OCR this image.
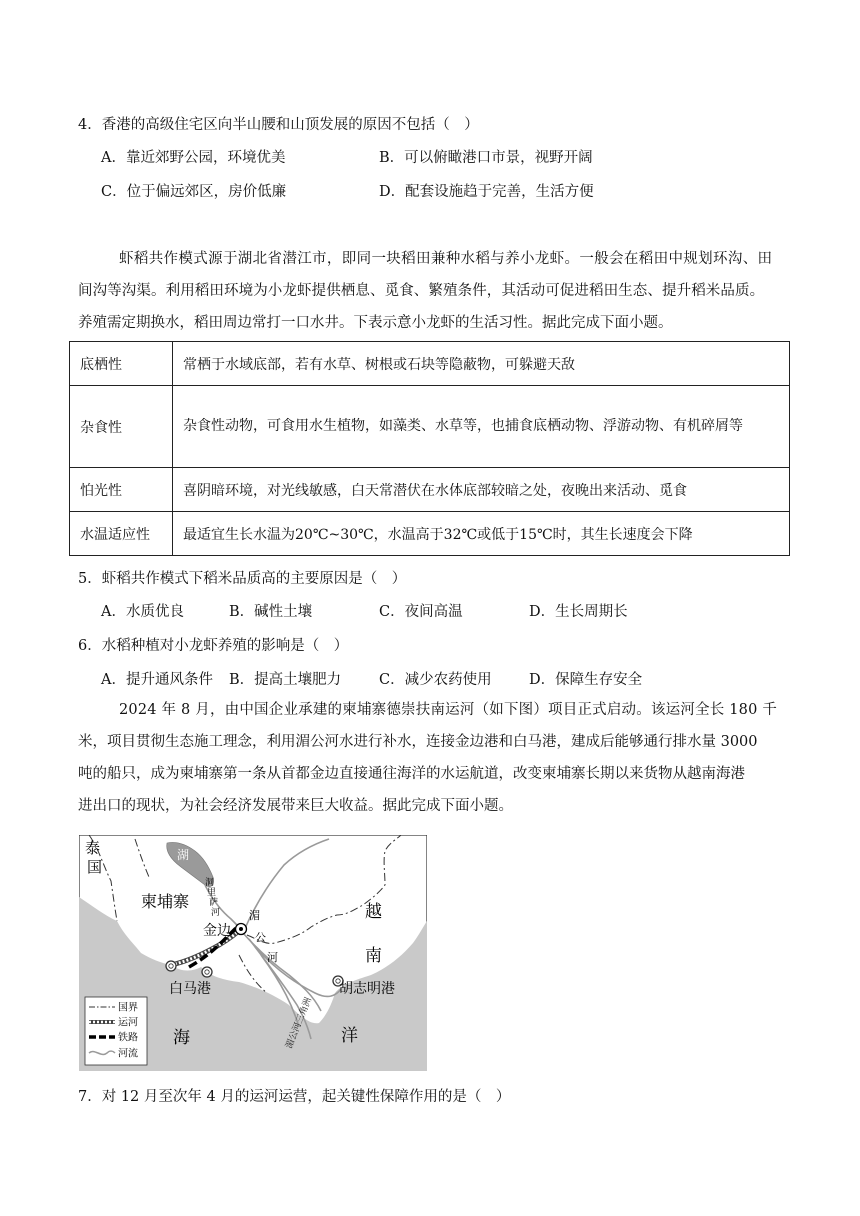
4．香港的高级住宅区向半山腰和山顶发展的原因不包括（　）
A．靠近郊野公园，环境优美	B．可以俯瞰港口市景，视野开阔
C．位于偏远郊区，房价低廉	D．配套设施趋于完善，生活方便
虾稻共作模式源于湖北省潜江市，即同一块稻田兼种水稻与养小龙虾。一般会在稻田中规划环沟、田
间沟等沟渠。利用稻田环境为小龙虾提供栖息、觅食、繁殖条件，其活动可促进稻田生态、提升稻米品质。
养殖需定期换水，稻田周边常打一口水井。下表示意小龙虾的生活习性。据此完成下面小题。
底栖性	常栖于水域底部，若有水草、树根或石块等隐蔽物，可躲避天敌
杂食性	杂食性动物，可食用水生植物，如藻类、水草等，也捕食底栖动物、浮游动物、有机碎屑等
怕光性	喜阴暗环境，对光线敏感，白天常潜伏在水体底部较暗之处，夜晚出来活动、觅食
水温适应性	最适宜生长水温为20℃~30℃，水温高于32℃或低于15℃时，其生长速度会下降
5．虾稻共作模式下稻米品质高的主要原因是（　）
A．水质优良	B．碱性土壤	C．夜间高温	D．生长周期长
6．水稻种植对小龙虾养殖的影响是（　）
A．提升通风条件 B．提高土壤肥力	C．减少农药使用	D．保障生存安全
2024 年 8 月，由中国企业承建的柬埔寨德崇扶南运河（如下图）项目正式启动。该运河全长 180 千
米，项目贯彻生态施工理念，利用湄公河水进行补水，连接金边港和白马港，建成后能够通行排水量 3000
吨的船只，成为柬埔寨第一条从首都金边直接通往海洋的水运航道，改变柬埔寨长期以来货物从越南海港
进出口的现状，为社会经济发展带来巨大收益。据此完成下面小题。
泰
国
柬埔寨
湖
洞
里
萨
河
金边
湄
公
河
越
南
白马港	胡志明港
湄公河三角洲
海	洋
国界
运河
铁路
河流
7．对 12 月至次年 4 月的运河运营，起关键性保障作用的是（　）
